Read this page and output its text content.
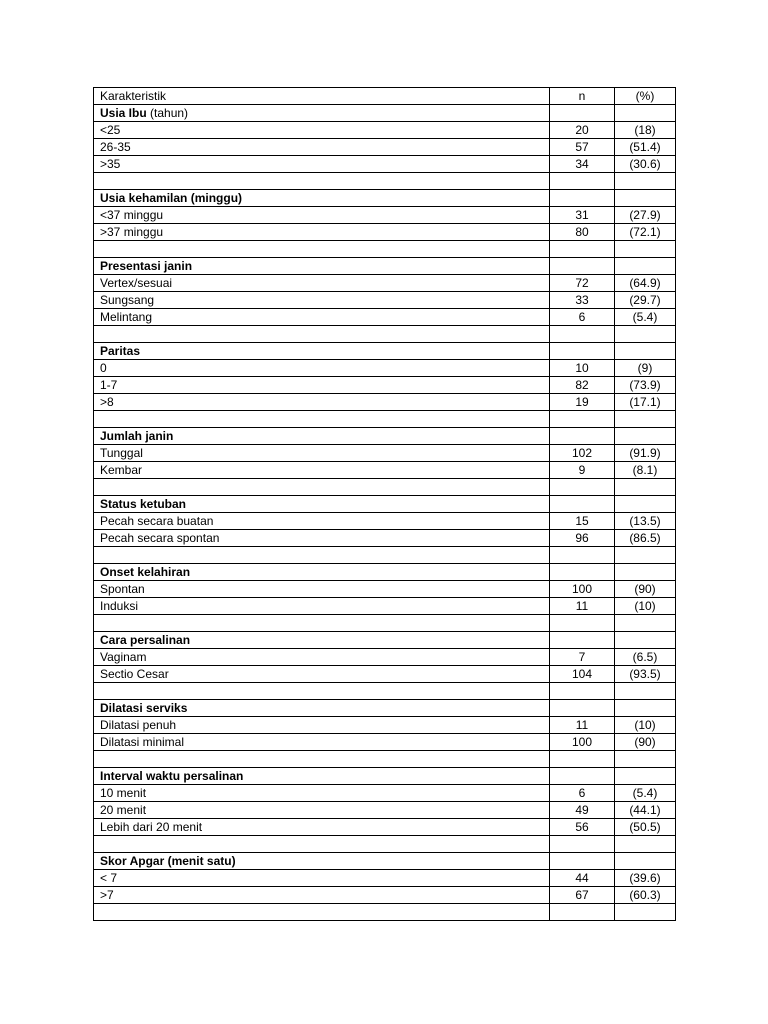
Karakteristik	n	(%)
Usia Ibu (tahun)		
<25	20	(18)
26-35	57	(51.4)
>35	34	(30.6)

Usia kehamilan (minggu)		
<37 minggu	31	(27.9)
>37 minggu	80	(72.1)

Presentasi janin		
Vertex/sesuai	72	(64.9)
Sungsang	33	(29.7)
Melintang	6	(5.4)

Paritas		
0	10	(9)
1-7	82	(73.9)
>8	19	(17.1)

Jumlah janin		
Tunggal	102	(91.9)
Kembar	9	(8.1)

Status ketuban		
Pecah secara buatan	15	(13.5)
Pecah secara spontan	96	(86.5)

Onset kelahiran		
Spontan	100	(90)
Induksi	11	(10)

Cara persalinan		
Vaginam	7	(6.5)
Sectio Cesar	104	(93.5)

Dilatasi serviks		
Dilatasi penuh	11	(10)
Dilatasi minimal	100	(90)

Interval waktu persalinan		
10 menit	6	(5.4)
20 menit	49	(44.1)
Lebih dari 20 menit	56	(50.5)

Skor Apgar (menit satu)		
< 7	44	(39.6)
>7	67	(60.3)
